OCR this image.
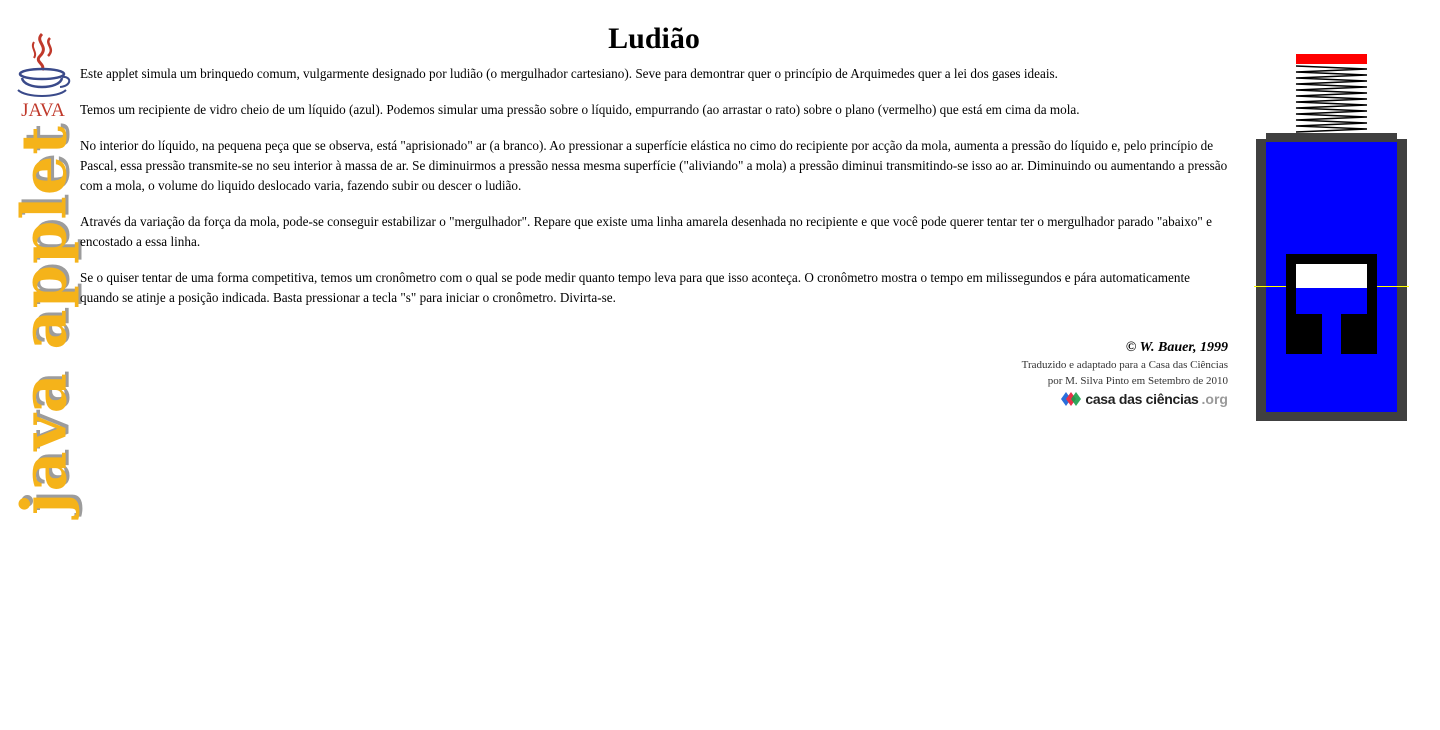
JAVA
java applet
Ludião

Este applet simula um brinquedo comum, vulgarmente designado por ludião (o mergulhador cartesiano). Seve para demontrar quer o princípio de Arquimedes quer a lei dos gases ideais.

Temos um recipiente de vidro cheio de um líquido (azul). Podemos simular uma pressão sobre o líquido, empurrando (ao arrastar o rato) sobre o plano (vermelho) que está em cima da mola.

No interior do líquido, na pequena peça que se observa, está "aprisionado" ar (a branco). Ao pressionar a superfície elástica no cimo do recipiente por acção da mola, aumenta a pressão do líquido e, pelo princípio de Pascal, essa pressão transmite-se no seu interior à massa de ar. Se diminuirmos a pressão nessa mesma superfície ("aliviando" a mola) a pressão diminui transmitindo-se isso ao ar. Diminuindo ou aumentando a pressão com a mola, o volume do liquido deslocado varia, fazendo subir ou descer o ludião.

Através da variação da força da mola, pode-se conseguir estabilizar o "mergulhador". Repare que existe uma linha amarela desenhada no recipiente e que você pode querer tentar ter o mergulhador parado "abaixo" e encostado a essa linha.

Se o quiser tentar de uma forma competitiva, temos um cronômetro com o qual se pode medir quanto tempo leva para que isso aconteça. O cronômetro mostra o tempo em milissegundos e pára automaticamente quando se atinje a posição indicada. Basta pressionar a tecla "s" para iniciar o cronômetro. Divirta-se.

© W. Bauer, 1999
Traduzido e adaptado para a Casa das Ciências
por M. Silva Pinto em Setembro de 2010
casa das ciências .org
